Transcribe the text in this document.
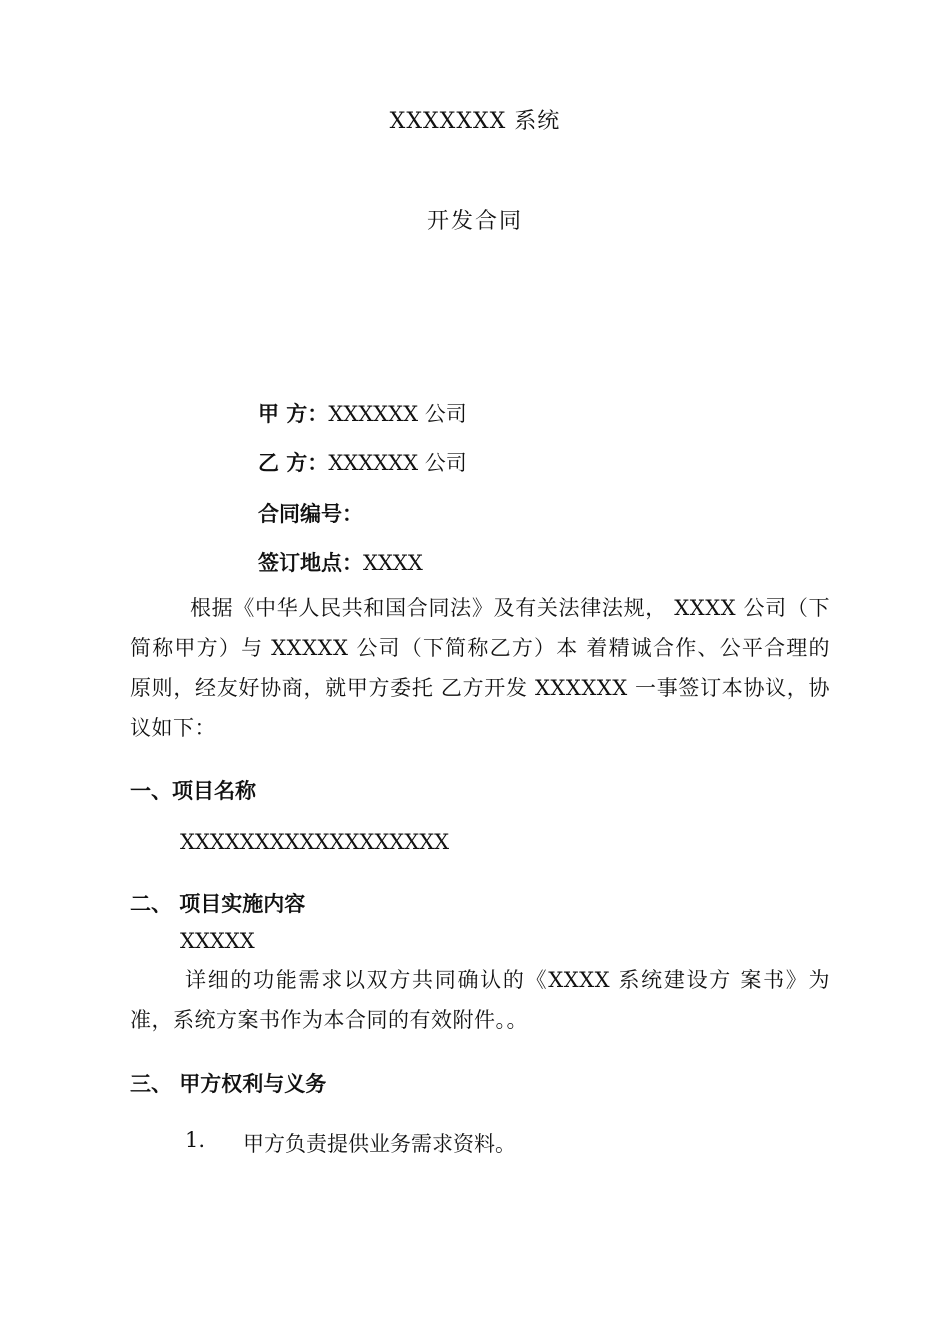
XXXXXXX 系统
开发合同
甲 方：XXXXXX 公司
乙 方：XXXXXX 公司
合同编号：
签订地点：XXXX
根据《中华人民共和国合同法》及有关法律法规， XXXX 公司（下简称甲方）与 XXXXX 公司（下简称乙方）本 着精诚合作、公平合理的原则，经友好协商，就甲方委托 乙方开发 XXXXXX 一事签订本协议，协议如下：
一、项目名称
XXXXXXXXXXXXXXXXXX
二、 项目实施内容
XXXXX
详细的功能需求以双方共同确认的《XXXX 系统建设方 案书》为准，系统方案书作为本合同的有效附件。。
三、 甲方权利与义务
1. 甲方负责提供业务需求资料。
